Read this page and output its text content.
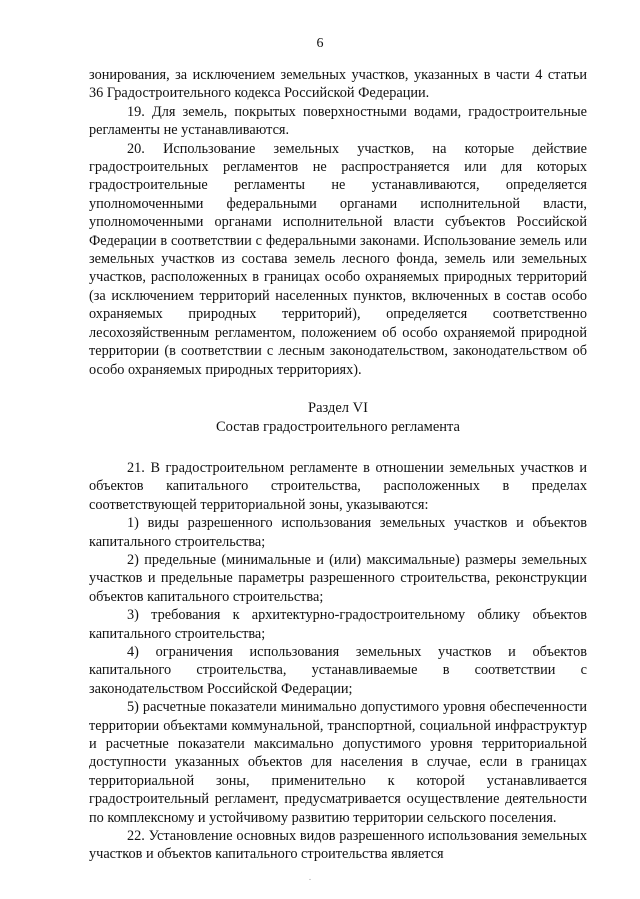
6

зонирования, за исключением земельных участков, указанных в части 4 статьи 36 Градостроительного кодекса Российской Федерации.

19. Для земель, покрытых поверхностными водами, градостроительные регламенты не устанавливаются.

20. Использование земельных участков, на которые действие градостроительных регламентов не распространяется или для которых градостроительные регламенты не устанавливаются, определяется уполномоченными федеральными органами исполнительной власти, уполномоченными органами исполнительной власти субъектов Российской Федерации в соответствии с федеральными законами. Использование земель или земельных участков из состава земель лесного фонда, земель или земельных участков, расположенных в границах особо охраняемых природных территорий (за исключением территорий населенных пунктов, включенных в состав особо охраняемых природных территорий), определяется соответственно лесохозяйственным регламентом, положением об особо охраняемой природной территории (в соответствии с лесным законодательством, законодательством об особо охраняемых природных территориях).

Раздел VI

Состав градостроительного регламента

21. В градостроительном регламенте в отношении земельных участков и объектов капитального строительства, расположенных в пределах соответствующей территориальной зоны, указываются:

1) виды разрешенного использования земельных участков и объектов капитального строительства;

2) предельные (минимальные и (или) максимальные) размеры земельных участков и предельные параметры разрешенного строительства, реконструкции объектов капитального строительства;

3) требования к архитектурно-градостроительному облику объектов капитального строительства;

4) ограничения использования земельных участков и объектов капитального строительства, устанавливаемые в соответствии с законодательством Российской Федерации;

5) расчетные показатели минимально допустимого уровня обеспеченности территории объектами коммунальной, транспортной, социальной инфраструктур и расчетные показатели максимально допустимого уровня территориальной доступности указанных объектов для населения в случае, если в границах территориальной зоны, применительно к которой устанавливается градостроительный регламент, предусматривается осуществление деятельности по комплексному и устойчивому развитию территории сельского поселения.

22. Установление основных видов разрешенного использования земельных участков и объектов капитального строительства является

.
